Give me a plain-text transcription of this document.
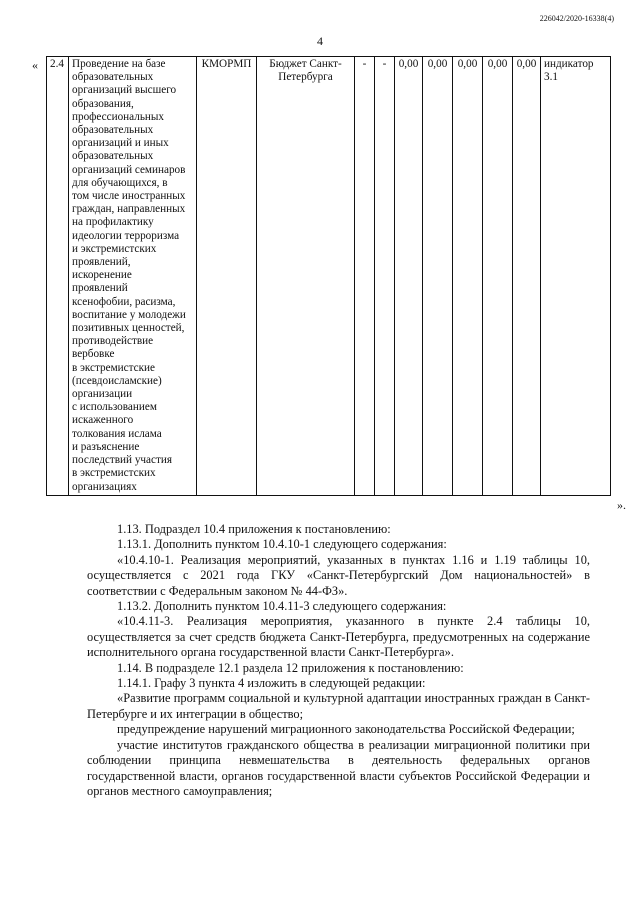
226042/2020-16338(4)
4
« 2.4	Проведение на базе
образовательных
организаций высшего
образования,
профессиональных
образовательных
организаций и иных
образовательных
организаций семинаров
для обучающихся, в
том числе иностранных
граждан, направленных
на профилактику
идеологии терроризма
и экстремистских
проявлений,
искоренение
проявлений
ксенофобии, расизма,
воспитание у молодежи
позитивных ценностей,
противодействие
вербовке
в экстремистские
(псевдоисламские)
организации
с использованием
искаженного
толкования ислама
и разъяснение
последствий участия
в экстремистских
организациях	КМОРМП	Бюджет Санкт-Петербурга	-	-	0,00	0,00	0,00	0,00	0,00	индикатор 3.1
».

1.13. Подраздел 10.4 приложения к постановлению:

1.13.1. Дополнить пунктом 10.4.10-1 следующего содержания:

«10.4.10-1. Реализация мероприятий, указанных в пунктах 1.16 и 1.19 таблицы 10, осуществляется с 2021 года ГКУ «Санкт-Петербургский Дом национальностей» в соответствии с Федеральным законом № 44-ФЗ».

1.13.2. Дополнить пунктом 10.4.11-3 следующего содержания:

«10.4.11-3. Реализация мероприятия, указанного в пункте 2.4 таблицы 10, осуществляется за счет средств бюджета Санкт-Петербурга, предусмотренных на содержание исполнительного органа государственной власти Санкт-Петербурга».

1.14. В подразделе 12.1 раздела 12 приложения к постановлению:

1.14.1. Графу 3 пункта 4 изложить в следующей редакции:

«Развитие программ социальной и культурной адаптации иностранных граждан в Санкт-Петербурге и их интеграции в общество;

предупреждение нарушений миграционного законодательства Российской Федерации;

участие институтов гражданского общества в реализации миграционной политики при соблюдении принципа невмешательства в деятельность федеральных органов государственной власти, органов государственной власти субъектов Российской Федерации и органов местного самоуправления;
